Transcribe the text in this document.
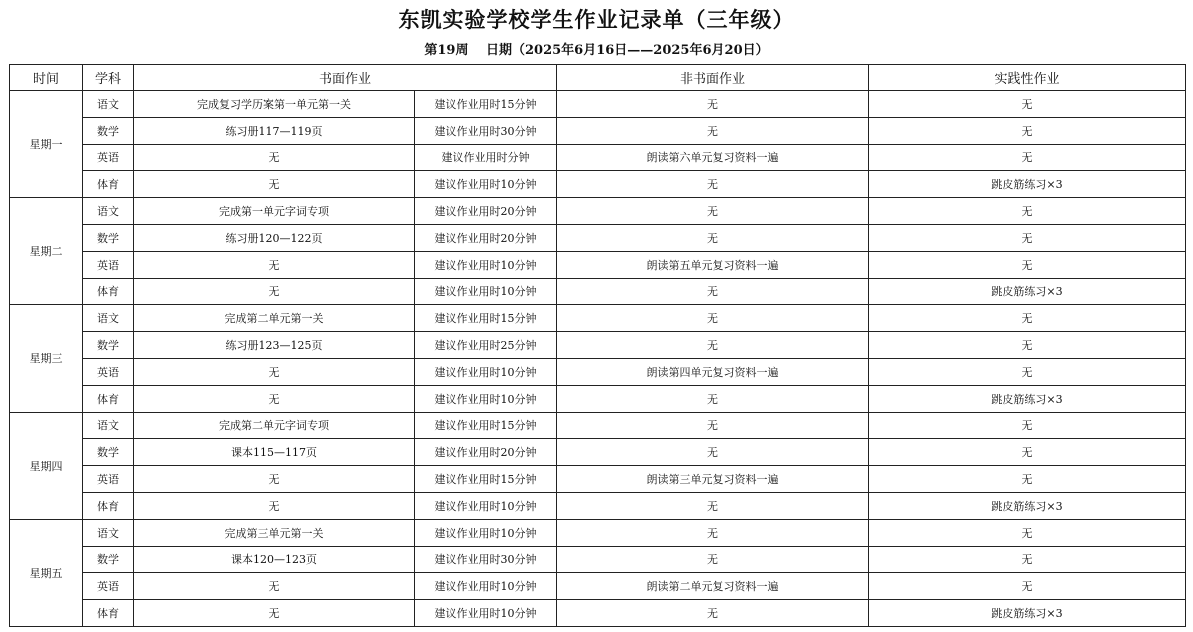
东凯实验学校学生作业记录单（三年级）
第19周　 日期（2025年6月16日——2025年6月20日）
时间	学科	书面作业		非书面作业	实践性作业
星期一	语文	完成复习学历案第一单元第一关	建议作业用时15分钟	无	无
	数学	练习册117—119页	建议作业用时30分钟	无	无
	英语	无	建议作业用时分钟	朗读第六单元复习资料一遍	无
	体育	无	建议作业用时10分钟	无	跳皮筋练习×3
星期二	语文	完成第一单元字词专项	建议作业用时20分钟	无	无
	数学	练习册120—122页	建议作业用时20分钟	无	无
	英语	无	建议作业用时10分钟	朗读第五单元复习资料一遍	无
	体育	无	建议作业用时10分钟	无	跳皮筋练习×3
星期三	语文	完成第二单元第一关	建议作业用时15分钟	无	无
	数学	练习册123—125页	建议作业用时25分钟	无	无
	英语	无	建议作业用时10分钟	朗读第四单元复习资料一遍	无
	体育	无	建议作业用时10分钟	无	跳皮筋练习×3
星期四	语文	完成第二单元字词专项	建议作业用时15分钟	无	无
	数学	课本115—117页	建议作业用时20分钟	无	无
	英语	无	建议作业用时15分钟	朗读第三单元复习资料一遍	无
	体育	无	建议作业用时10分钟	无	跳皮筋练习×3
星期五	语文	完成第三单元第一关	建议作业用时10分钟	无	无
	数学	课本120—123页	建议作业用时30分钟	无	无
	英语	无	建议作业用时10分钟	朗读第二单元复习资料一遍	无
	体育	无	建议作业用时10分钟	无	跳皮筋练习×3
